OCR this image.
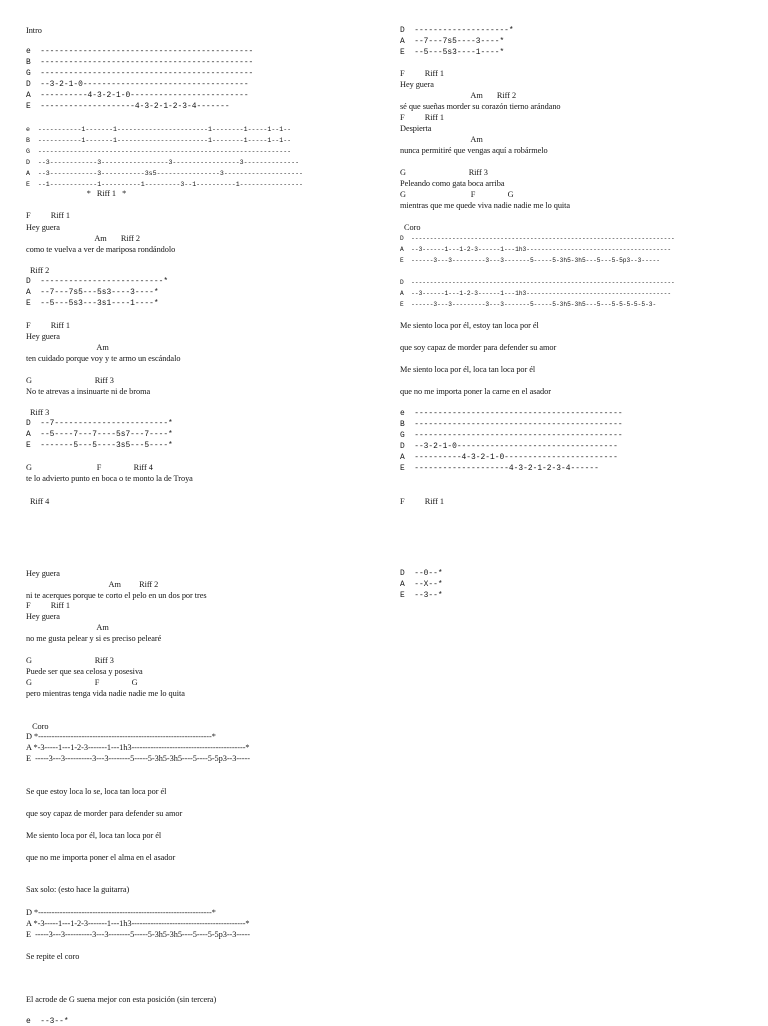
Intro
e  ---------------------------------------------
B  ---------------------------------------------
G  ---------------------------------------------
D  --3-2-1-0-----------------------------------
A  ----------4-3-2-1-0-------------------------
E  --------------------4-3-2-1-2-3-4-------
e  -----------1-------1-----------------------1--------1-----1--1--
B  -----------1-------1-----------------------1--------1-----1--1--
G  ----------------------------------------------------------------
D  --3------------3-----------------3-----------------3--------------
A  --3------------3-----------3s5----------------3--------------------
E  --1------------1----------1---------3--1----------1----------------
*   Riff 1   *
F          Riff 1
Hey guera
Am       Riff 2
como te vuelva a ver de mariposa rondándolo
Riff 2
D  --------------------------*
A  --7---7s5---5s3----3----*
E  --5---5s3---3s1----1----*
F          Riff 1
Hey guera
Am
ten cuidado porque voy y te armo un escándalo
G                               Riff 3
No te atrevas a insinuarte ni de broma
Riff 3
D  --7------------------------*
A  --5----7---7----5s7---7----*
E  -------5---5----3s5---5----*
G                                F                Riff 4
te lo advierto punto en boca o te monto la de Troya
Riff 4
Hey guera
Am         Riff 2
ni te acerques porque te corto el pelo en un dos por tres
F          Riff 1
Hey guera
Am
no me gusta pelear y si es preciso pelearé
G                               Riff 3
Puede ser que sea celosa y posesiva
G                               F                G
pero mientras tenga vida nadie nadie me lo quita
Coro
D *----------------------------------------------------------------*
A *-3-----1---1-2-3-------1---1h3------------------------------------------*
E  -----3---3----------3---3--------5-----5-3h5-3h5----5----5-5p3--3-----
Se que estoy loca lo se, loca tan loca por él
que soy capaz de morder para defender su amor
Me siento loca por él, loca tan loca por él
que no me importa poner el alma en el asador
Sax solo: (esto hace la guitarra)
D *----------------------------------------------------------------*
A *-3-----1---1-2-3-------1---1h3------------------------------------------*
E  -----3---3----------3---3--------5-----5-3h5-3h5----5----5-5p3--3-----
Se repite el coro
El acrode de G suena mejor con esta posición (sin tercera)
e  --3--*
D  --------------------*
A  --7---7s5----3----*
E  --5---5s3----1----*
F          Riff 1
Hey guera
Am       Riff 2
sé que sueñas morder su corazón tierno arándano
F          Riff 1
Despierta
Am
nunca permitiré que vengas aquí a robármelo
G                               Riff 3
Peleando como gata boca arriba
G                                F                G
mientras que me quede viva nadie nadie me lo quita
Coro
D  -----------------------------------------------------------------------
A  --3------1---1-2-3------1---1h3---------------------------------------
E  ------3---3---------3---3-------5-----5-3h5-3h5---5---5-5p3--3-----
D  -----------------------------------------------------------------------
A  --3------1---1-2-3------1---1h3---------------------------------------
E  ------3---3---------3---3-------5-----5-3h5-3h5---5---5-5-5-5-5-3-
Me siento loca por él, estoy tan loca por él
que soy capaz de morder para defender su amor
Me siento loca por él, loca tan loca por él
que no me importa poner la carne en el asador
e  --------------------------------------------
B  --------------------------------------------
G  --------------------------------------------
D  --3-2-1-0----------------------------------
A  ----------4-3-2-1-0------------------------
E  --------------------4-3-2-1-2-3-4------
F          Riff 1
D  --0--*
A  --X--*
E  --3--*
